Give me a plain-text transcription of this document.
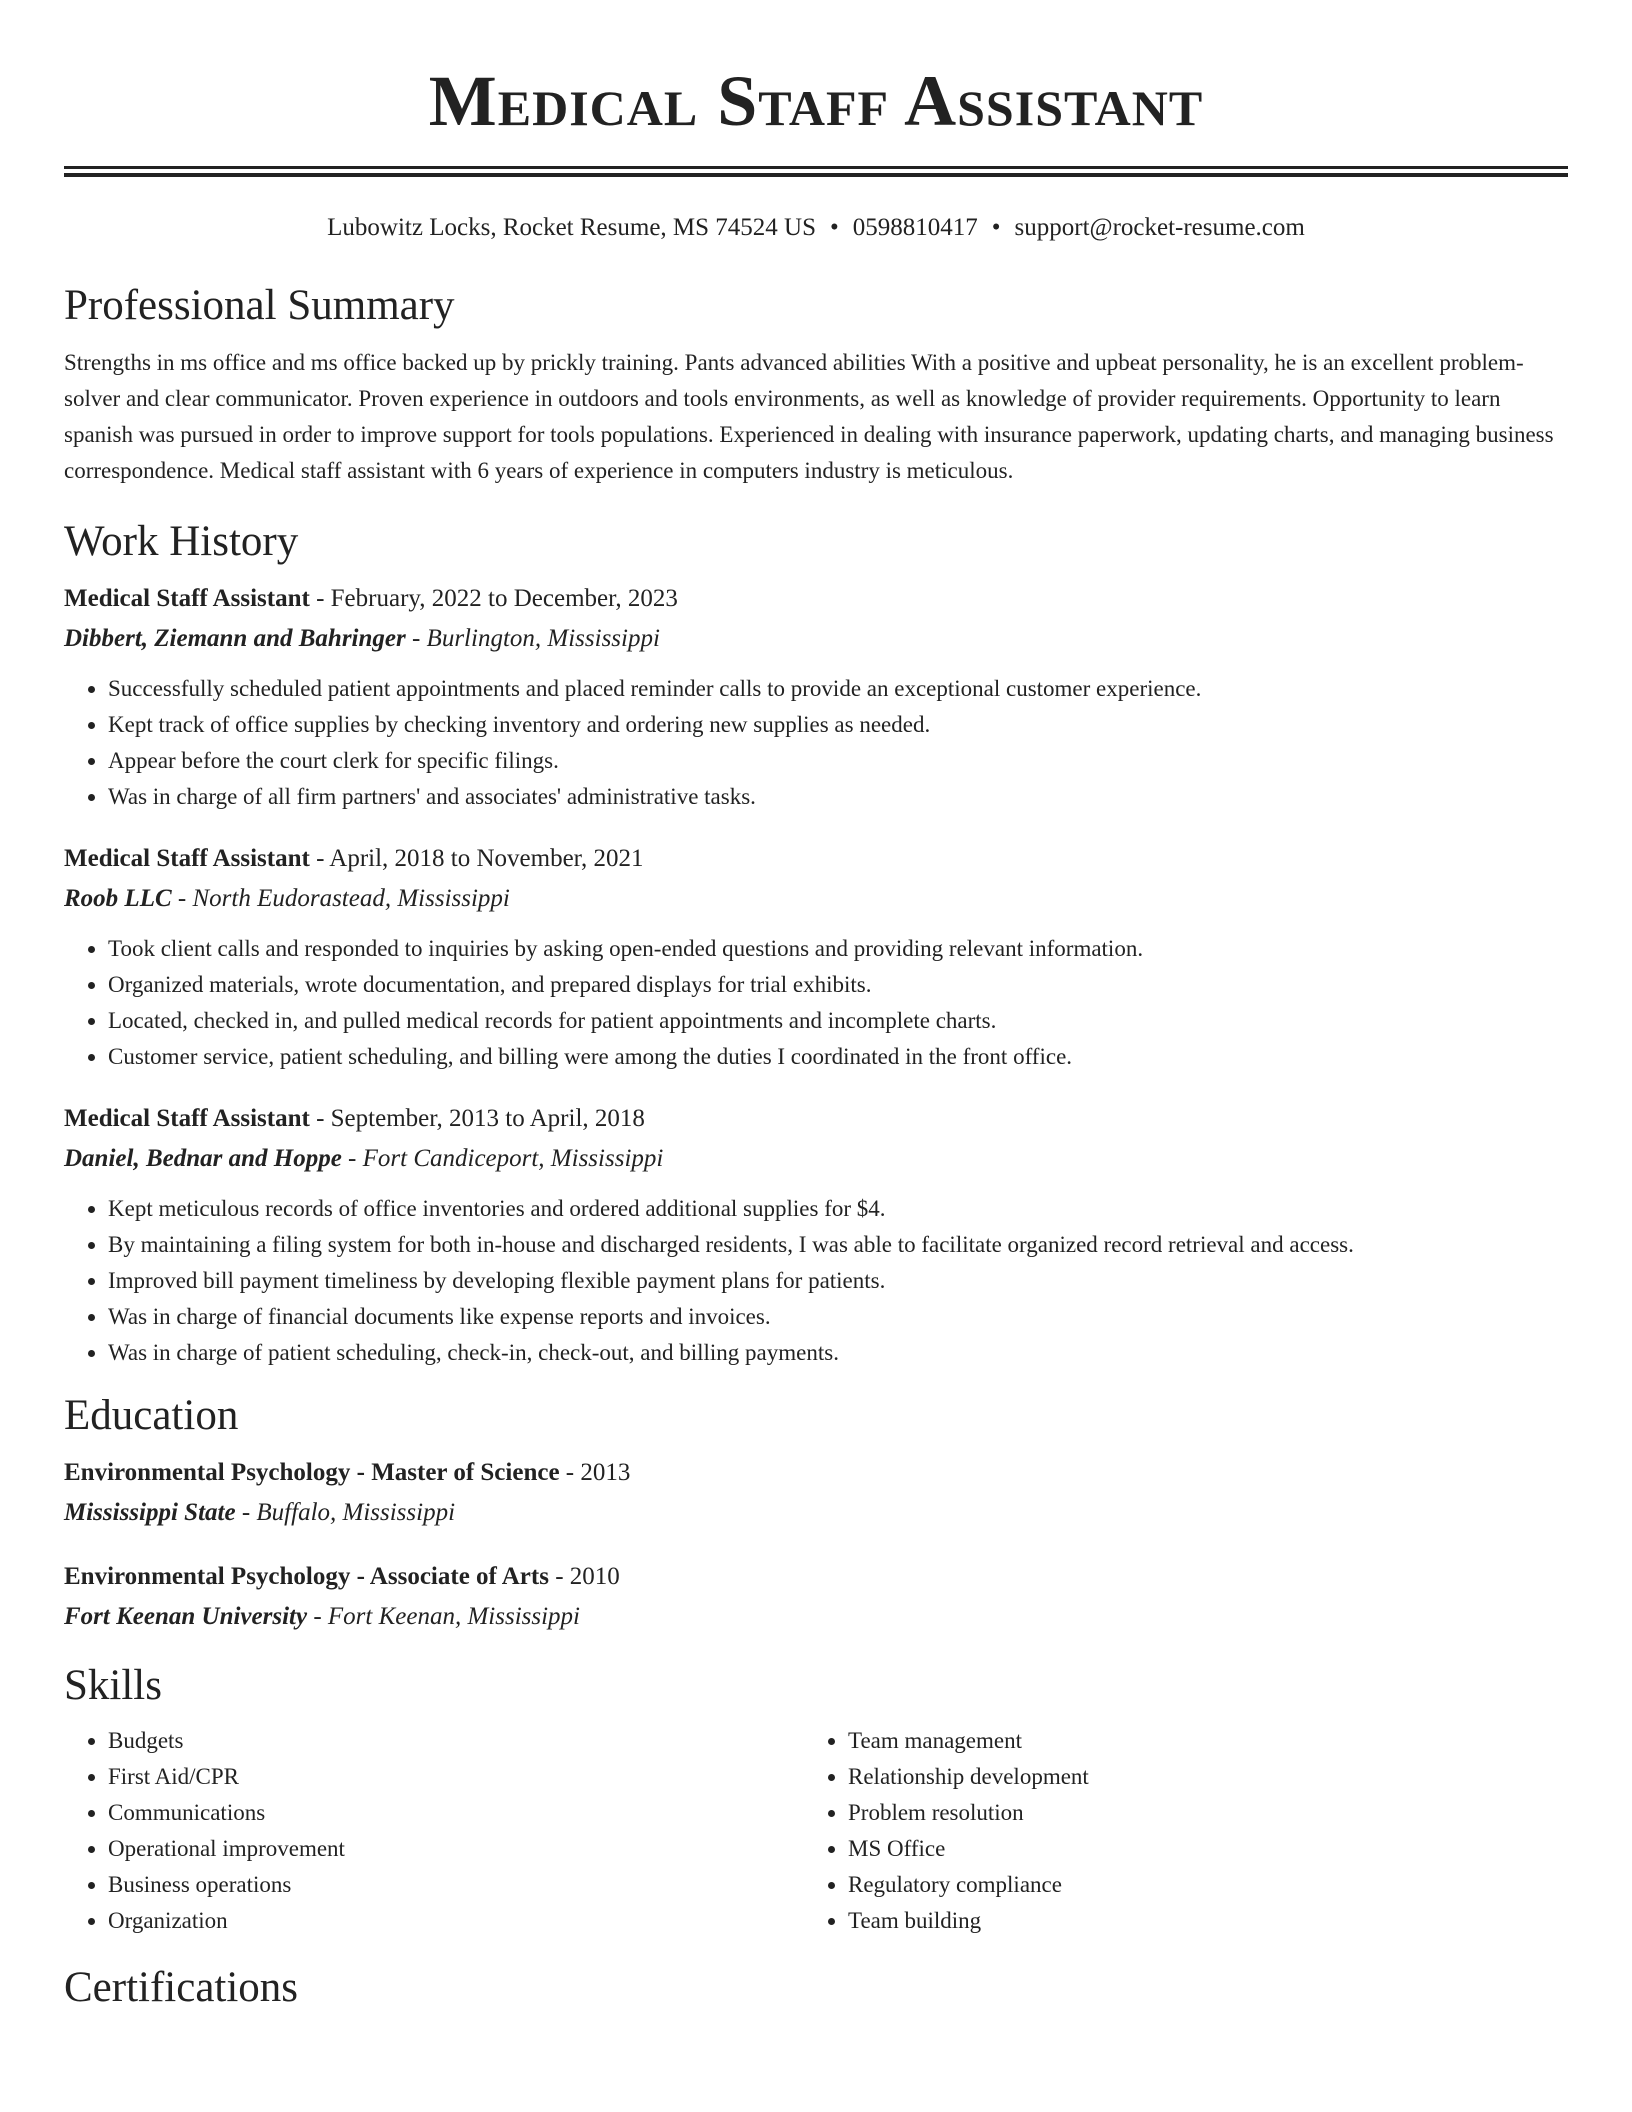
Medical Staff Assistant
Lubowitz Locks, Rocket Resume, MS 74524 US • 0598810417 • support@rocket-resume.com
Professional Summary
Strengths in ms office and ms office backed up by prickly training. Pants advanced abilities With a positive and upbeat personality, he is an excellent problem-solver and clear communicator. Proven experience in outdoors and tools environments, as well as knowledge of provider requirements. Opportunity to learn spanish was pursued in order to improve support for tools populations. Experienced in dealing with insurance paperwork, updating charts, and managing business correspondence. Medical staff assistant with 6 years of experience in computers industry is meticulous.
Work History
Medical Staff Assistant - February, 2022 to December, 2023
Dibbert, Ziemann and Bahringer - Burlington, Mississippi
• Successfully scheduled patient appointments and placed reminder calls to provide an exceptional customer experience.
• Kept track of office supplies by checking inventory and ordering new supplies as needed.
• Appear before the court clerk for specific filings.
• Was in charge of all firm partners' and associates' administrative tasks.
Medical Staff Assistant - April, 2018 to November, 2021
Roob LLC - North Eudorastead, Mississippi
• Took client calls and responded to inquiries by asking open-ended questions and providing relevant information.
• Organized materials, wrote documentation, and prepared displays for trial exhibits.
• Located, checked in, and pulled medical records for patient appointments and incomplete charts.
• Customer service, patient scheduling, and billing were among the duties I coordinated in the front office.
Medical Staff Assistant - September, 2013 to April, 2018
Daniel, Bednar and Hoppe - Fort Candiceport, Mississippi
• Kept meticulous records of office inventories and ordered additional supplies for $4.
• By maintaining a filing system for both in-house and discharged residents, I was able to facilitate organized record retrieval and access.
• Improved bill payment timeliness by developing flexible payment plans for patients.
• Was in charge of financial documents like expense reports and invoices.
• Was in charge of patient scheduling, check-in, check-out, and billing payments.
Education
Environmental Psychology - Master of Science - 2013
Mississippi State - Buffalo, Mississippi
Environmental Psychology - Associate of Arts - 2010
Fort Keenan University - Fort Keenan, Mississippi
Skills
• Budgets
• First Aid/CPR
• Communications
• Operational improvement
• Business operations
• Organization
• Team management
• Relationship development
• Problem resolution
• MS Office
• Regulatory compliance
• Team building
Certifications
